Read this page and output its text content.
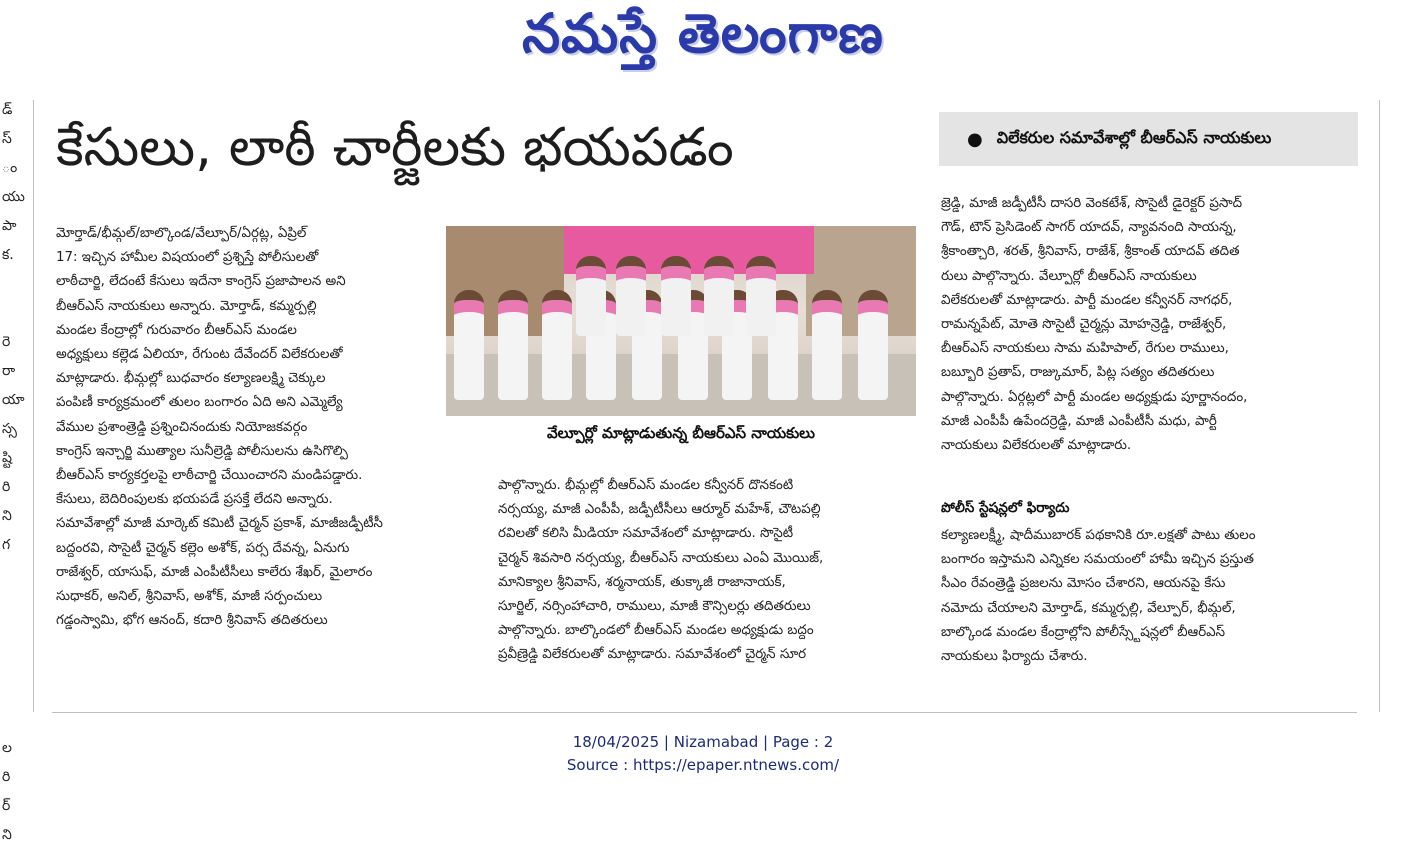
నమస్తే తెలంగాణ
డ్
స్
ం
యు
పా
క.
రె
రా
యా
స్స
ష్టి
రి
ని
గ
ల
రి
ర్
ని
కేసులు, లాఠీ చార్జీలకు భయపడం	● విలేకరుల సమావేశాల్లో బీఆర్ఎస్ నాయకులు

మోర్తాడ్/భీమ్గల్/బాల్కొండ/వేల్పూర్/ఏర్గట్ల, ఏప్రిల్

17: ఇచ్చిన హామీల విషయంలో ప్రశ్నిస్తే పోలీసులతో

లాఠీచార్జి, లేదంటే కేసులు ఇదేనా కాంగ్రెస్ ప్రజాపాలన అని

బీఆర్ఎస్ నాయకులు అన్నారు. మోర్తాడ్, కమ్మర్పల్లి

మండల కేంద్రాల్లో గురువారం బీఆర్ఎస్ మండల

అధ్యక్షులు కల్లెడ ఏలియా, రేగుంట దేవేందర్ విలేకరులతో

మాట్లాడారు. భీమ్గల్లో బుధవారం కల్యాణలక్ష్మి చెక్కుల

పంపిణీ కార్యక్రమంలో తులం బంగారం ఏది అని ఎమ్మెల్యే

వేముల ప్రశాంత్రెడ్డి ప్రశ్నించినందుకు నియోజకవర్గం

కాంగ్రెస్ ఇన్చార్జి ముత్యాల సునీల్రెడ్డి పోలీసులను ఉసిగొల్పి

బీఆర్ఎస్ కార్యకర్తలపై లాఠీచార్జి చేయించారని మండిపడ్డారు.

కేసులు, బెదిరింపులకు భయపడే ప్రసక్తే లేదని అన్నారు.

సమావేశాల్లో మాజీ మార్కెట్ కమిటీ చైర్మన్ ప్రకాశ్, మాజీజడ్పీటీసీ

బద్దంరవి, సొసైటీ చైర్మన్ కల్లెం అశోక్, పర్స దేవన్న, ఏనుగు

రాజేశ్వర్, యాసుఫ్, మాజీ ఎంపీటీసీలు కాలేరు శేఖర్, మైలారం

సుధాకర్, అనిల్, శ్రీనివాస్, అశోక్, మాజీ సర్పంచులు

గడ్డంస్వామి, భోగ ఆనంద్, కదారి శ్రీనివాస్ తదితరులు

వేల్పూర్లో మాట్లాడుతున్న బీఆర్ఎస్ నాయకులు

పాల్గొన్నారు. భీమ్గల్లో బీఆర్ఎస్ మండల కన్వీనర్ దొనకంటి

నర్సయ్య, మాజీ ఎంపీపీ, జడ్పీటీసీలు ఆర్మూర్ మహేశ్, చౌటపల్లి

రవిలతో కలిసి మీడియా సమావేశంలో మాట్లాడారు. సొసైటీ

చైర్మన్ శివసారి నర్సయ్య, బీఆర్ఎస్ నాయకులు ఎంఏ మొయిజ్,

మానిక్యాల శ్రీనివాస్, శర్మనాయక్, తుక్కాజీ రాజానాయక్,

సూర్జిల్, నర్సింహాచారి, రాములు, మాజీ కౌన్సిలర్లు తదితరులు

పాల్గొన్నారు. బాల్కొండలో బీఆర్ఎస్ మండల అధ్యక్షుడు బద్దం

ప్రవీణ్రెడ్డి విలేకరులతో మాట్లాడారు. సమావేశంలో చైర్మన్ సూర

జ్రెడ్డి, మాజీ జడ్పీటీసీ దాసరి వెంకటేశ్, సొసైటీ డైరెక్టర్ ప్రసాద్

గౌడ్, టౌన్ ప్రెసిడెంట్ సాగర్ యాదవ్, న్యావనంది సాయన్న,

శ్రీకాంత్చారి, శరత్, శ్రీనివాస్, రాజేశ్, శ్రీకాంత్ యాదవ్ తదిత

రులు పాల్గొన్నారు. వేల్పూర్లో బీఆర్ఎస్ నాయకులు

విలేకరులతో మాట్లాడారు. పార్టీ మండల కన్వీనర్ నాగధర్,

రామన్నపేట్, మోతె సొసైటీ చైర్మన్లు మోహన్రెడ్డి, రాజేశ్వర్,

బీఆర్ఎస్ నాయకులు సామ మహిపాల్, రేగుల రాములు,

బబ్బూరి ప్రతాప్, రాజ్కుమార్, పిట్ల సత్యం తదితరులు

పాల్గొన్నారు. ఏర్గట్లలో పార్టీ మండల అధ్యక్షుడు పూర్ణానందం,

మాజీ ఎంపీపీ ఉపేందర్రెడ్డి, మాజీ ఎంపీటీసీ మధు, పార్టీ

నాయకులు విలేకరులతో మాట్లాడారు.

పోలీస్ స్టేషన్లలో ఫిర్యాదు

కల్యాణలక్ష్మీ, షాదీముబారక్ పథకానికి రూ.లక్షతో పాటు తులం

బంగారం ఇస్తామని ఎన్నికల సమయంలో హామీ ఇచ్చిన ప్రస్తుత

సీఎం రేవంత్రెడ్డి ప్రజలను మోసం చేశారని, ఆయనపై కేసు

నమోదు చేయాలని మోర్తాడ్, కమ్మర్పల్లి, వేల్పూర్, భీమ్గల్,

బాల్కొండ మండల కేంద్రాల్లోని పోలీస్స్టేషన్లలో బీఆర్ఎస్

నాయకులు ఫిర్యాదు చేశారు.

18/04/2025 | Nizamabad | Page : 2
Source : https://epaper.ntnews.com/
